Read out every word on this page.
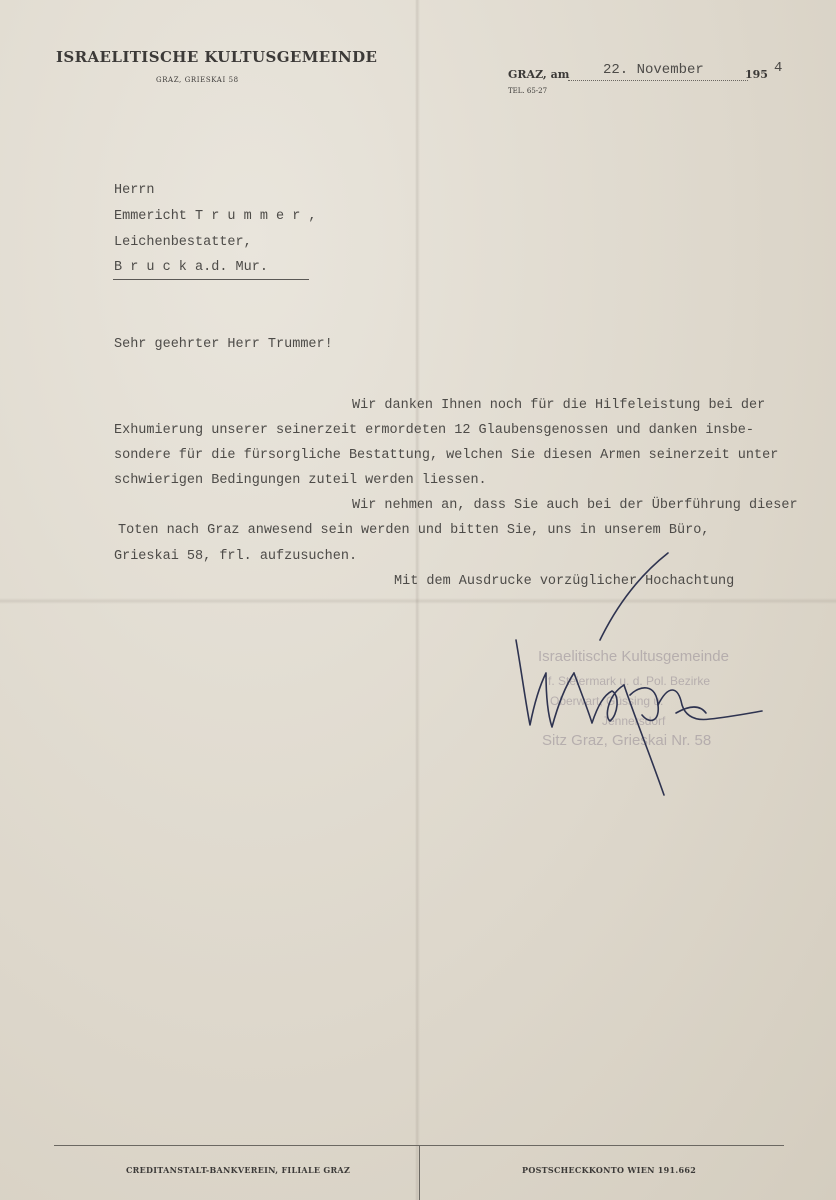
ISRAELITISCHE KULTUSGEMEINDE
GRAZ, GRIESKAI 58	GRAZ, am 22. November	195 4
TEL. 65-27
Herrn
Emmericht T r u m m e r ,
Leichenbestatter,
B r u c k a.d. Mur.
Sehr geehrter Herr Trummer!
Wir danken Ihnen noch für die Hilfeleistung bei der
Exhumierung unserer seinerzeit ermordeten 12 Glaubensgenossen und danken insbe-
sondere für die fürsorgliche Bestattung, welchen Sie diesen Armen seinerzeit unter
schwierigen Bedingungen zuteil werden liessen.
Wir nehmen an, dass Sie auch bei der Überführung dieser
Toten nach Graz anwesend sein werden und bitten Sie, uns in unserem Büro,
Grieskai 58, frl. aufzusuchen.
Mit dem Ausdrucke vorzüglicher Hochachtung
Israelitische Kultusgemeinde
f. Steiermark u. d. Pol. Bezirke
Oberwart, Güssing u.
Jennersdorf
Sitz Graz, Grieskai Nr. 58
CREDITANSTALT-BANKVEREIN, FILIALE GRAZ	POSTSCHECKKONTO WIEN 191.662
